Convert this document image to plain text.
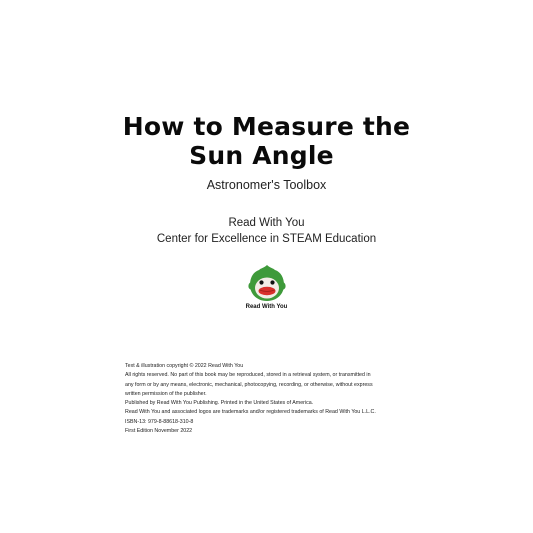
How to Measure the
Sun Angle
Astronomer's Toolbox
Read With You
Center for Excellence in STEAM Education
Read With You
Text & illustration copyright © 2022 Read With You
All rights reserved. No part of this book may be reproduced, stored in a retrieval system, or transmitted in
any form or by any means, electronic, mechanical, photocopying, recording, or otherwise, without express
written permission of the publisher.
Published by Read With You Publishing. Printed in the United States of America.
Read With You and associated logos are trademarks and/or registered trademarks of Read With You L.L.C.
ISBN-13: 979-8-88618-310-8
First Edition November 2022
